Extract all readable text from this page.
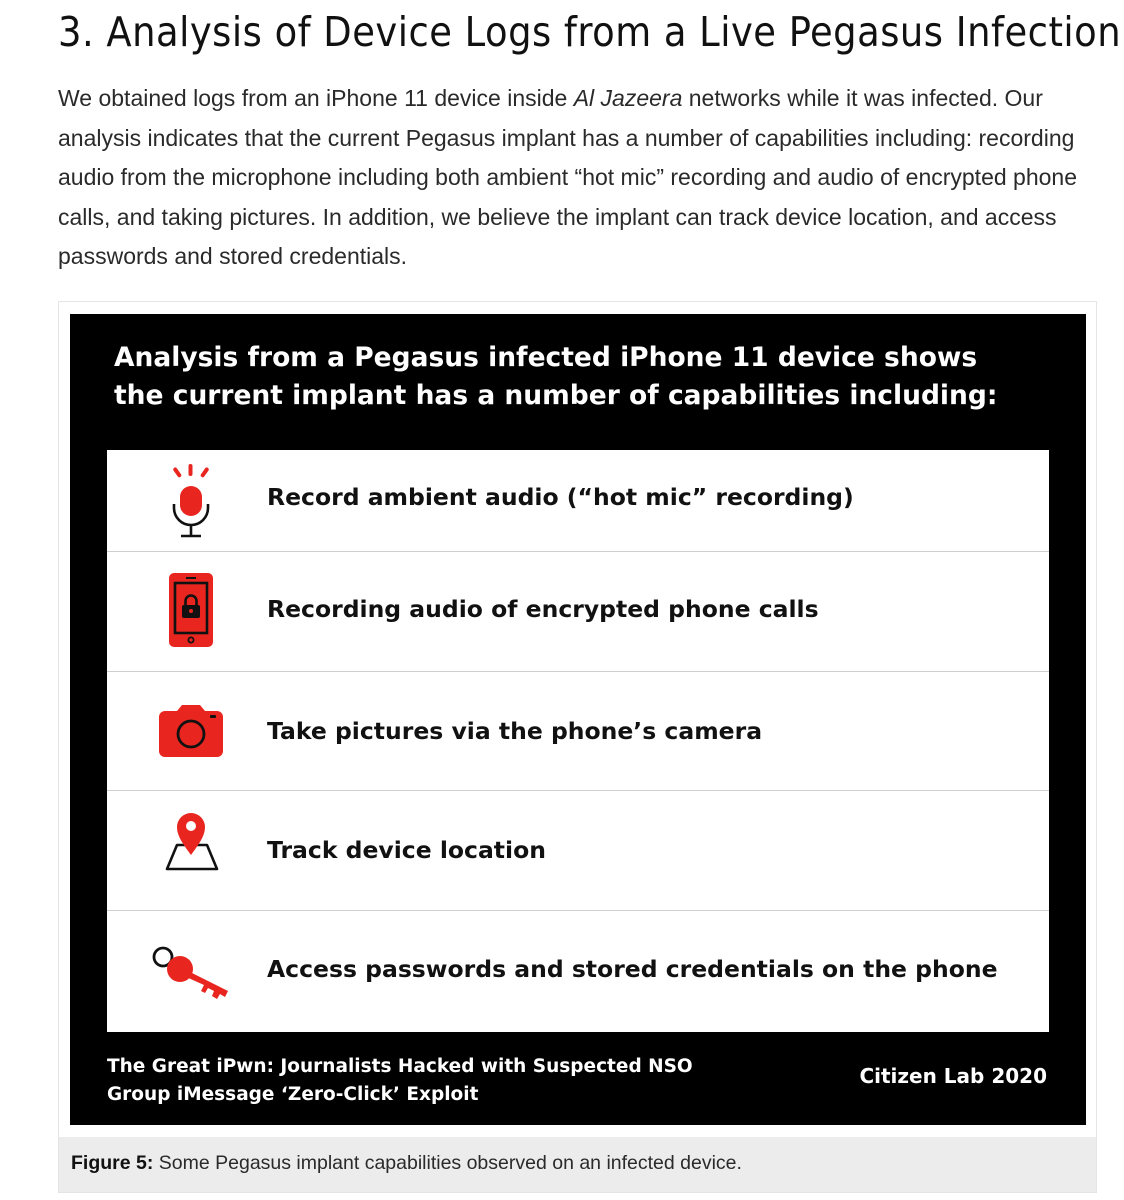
3. Analysis of Device Logs from a Live Pegasus Infection

We obtained logs from an iPhone 11 device inside Al Jazeera networks while it was infected. Our analysis indicates that the current Pegasus implant has a number of capabilities including: recording audio from the microphone including both ambient “hot mic” recording and audio of encrypted phone calls, and taking pictures. In addition, we believe the implant can track device location, and access passwords and stored credentials.

Analysis from a Pegasus infected iPhone 11 device shows the current implant has a number of capabilities including:
Record ambient audio (“hot mic” recording)
Recording audio of encrypted phone calls
Take pictures via the phone’s camera
Track device location
Access passwords and stored credentials on the phone

The Great iPwn: Journalists Hacked with Suspected NSO Group iMessage ‘Zero-Click’ Exploit

Citizen Lab 2020

Figure 5: Some Pegasus implant capabilities observed on an infected device.
